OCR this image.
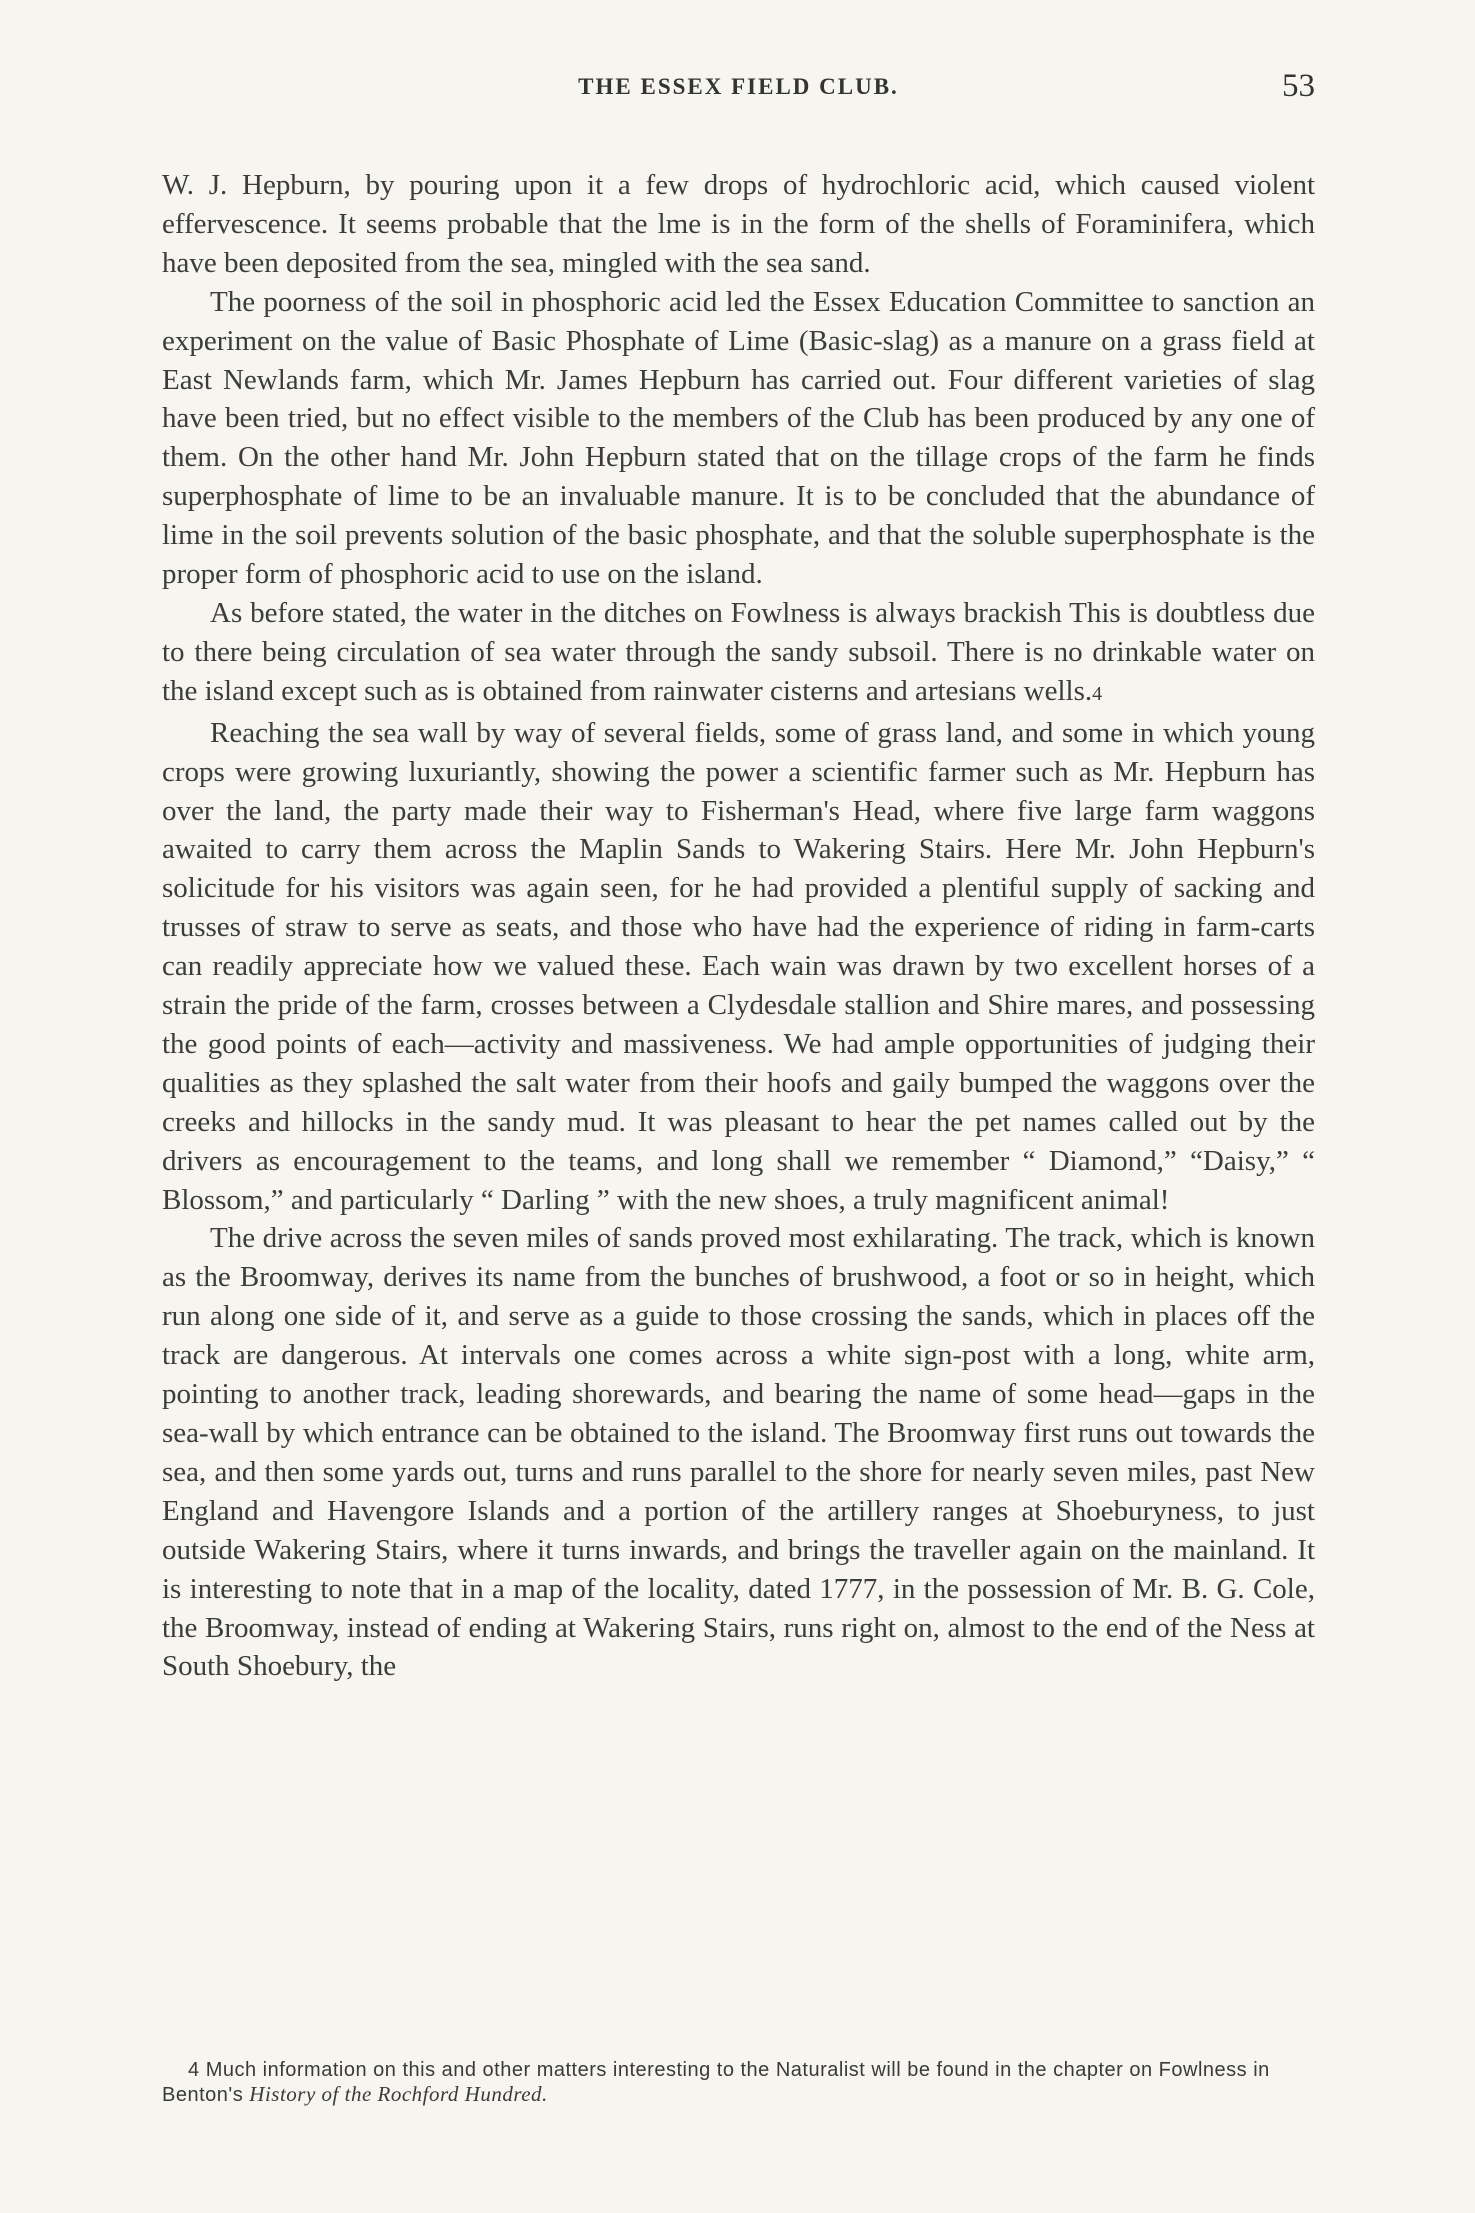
THE ESSEX FIELD CLUB.	53

W. J. Hepburn, by pouring upon it a few drops of hydrochloric acid, which caused violent effervescence. It seems probable that the lme is in the form of the shells of Foraminifera, which have been deposited from the sea, mingled with the sea sand.

The poorness of the soil in phosphoric acid led the Essex Education Committee to sanction an experiment on the value of Basic Phosphate of Lime (Basic-slag) as a manure on a grass field at East Newlands farm, which Mr. James Hepburn has carried out. Four different varieties of slag have been tried, but no effect visible to the members of the Club has been produced by any one of them. On the other hand Mr. John Hepburn stated that on the tillage crops of the farm he finds superphosphate of lime to be an invaluable manure. It is to be concluded that the abundance of lime in the soil prevents solution of the basic phosphate, and that the soluble superphosphate is the proper form of phosphoric acid to use on the island.

As before stated, the water in the ditches on Fowlness is always brackish This is doubtless due to there being circulation of sea water through the sandy subsoil. There is no drinkable water on the island except such as is obtained from rainwater cisterns and artesians wells.4

Reaching the sea wall by way of several fields, some of grass land, and some in which young crops were growing luxuriantly, showing the power a scientific farmer such as Mr. Hepburn has over the land, the party made their way to Fisherman's Head, where five large farm waggons awaited to carry them across the Maplin Sands to Wakering Stairs. Here Mr. John Hepburn's solicitude for his visitors was again seen, for he had provided a plentiful supply of sacking and trusses of straw to serve as seats, and those who have had the experience of riding in farm-carts can readily appreciate how we valued these. Each wain was drawn by two excellent horses of a strain the pride of the farm, crosses between a Clydesdale stallion and Shire mares, and possessing the good points of each—activity and massiveness. We had ample opportunities of judging their qualities as they splashed the salt water from their hoofs and gaily bumped the waggons over the creeks and hillocks in the sandy mud. It was pleasant to hear the pet names called out by the drivers as encouragement to the teams, and long shall we remember “ Diamond,” “Daisy,” “ Blossom,” and particularly “ Darling ” with the new shoes, a truly magnificent animal!

The drive across the seven miles of sands proved most exhilarating. The track, which is known as the Broomway, derives its name from the bunches of brushwood, a foot or so in height, which run along one side of it, and serve as a guide to those crossing the sands, which in places off the track are dangerous. At intervals one comes across a white sign-post with a long, white arm, pointing to another track, leading shorewards, and bearing the name of some head—gaps in the sea-wall by which entrance can be obtained to the island. The Broomway first runs out towards the sea, and then some yards out, turns and runs parallel to the shore for nearly seven miles, past New England and Havengore Islands and a portion of the artillery ranges at Shoeburyness, to just outside Wakering Stairs, where it turns inwards, and brings the traveller again on the mainland. It is interesting to note that in a map of the locality, dated 1777, in the possession of Mr. B. G. Cole, the Broomway, instead of ending at Wakering Stairs, runs right on, almost to the end of the Ness at South Shoebury, the

4 Much information on this and other matters interesting to the Naturalist will be found in the chapter on Fowlness in Benton's History of the Rochford Hundred.
